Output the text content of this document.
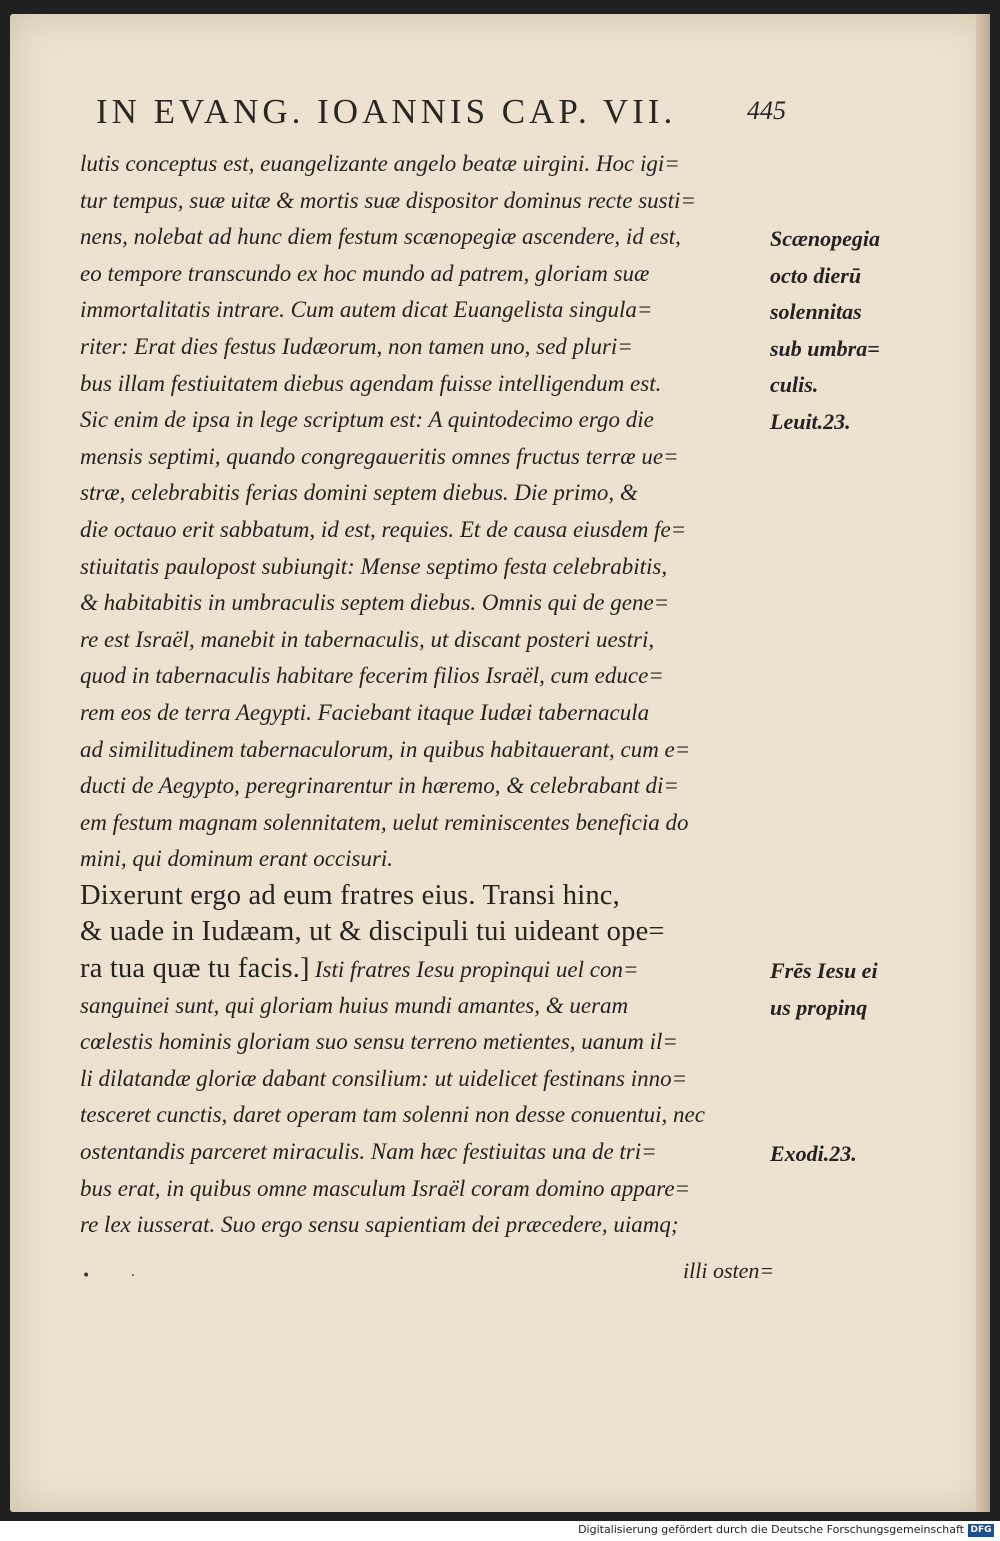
IN EVANG. IOANNIS CAP. VII.	445
lutis conceptus est, euangelizante angelo beatæ uirgini. Hoc igi=
tur tempus, suæ uitæ & mortis suæ dispositor dominus recte susti=
nens, nolebat ad hunc diem festum scænopegiæ ascendere, id est,
eo tempore transcundo ex hoc mundo ad patrem, gloriam suæ
immortalitatis intrare. Cum autem dicat Euangelista singula=
riter: Erat dies festus Iudæorum, non tamen uno, sed pluri=
bus illam festiuitatem diebus agendam fuisse intelligendum est.
Sic enim de ipsa in lege scriptum est: A quintodecimo ergo die
mensis septimi, quando congregaueritis omnes fructus terræ ue=
stræ, celebrabitis ferias domini septem diebus. Die primo, &
die octauo erit sabbatum, id est, requies. Et de causa eiusdem fe=
stiuitatis paulopost subiungit: Mense septimo festa celebrabitis,
& habitabitis in umbraculis septem diebus. Omnis qui de gene=
re est Israël, manebit in tabernaculis, ut discant posteri uestri,
quod in tabernaculis habitare fecerim filios Israël, cum educe=
rem eos de terra Aegypti. Faciebant itaque Iudæi tabernacula
ad similitudinem tabernaculorum, in quibus habitauerant, cum e=
ducti de Aegypto, peregrinarentur in hæremo, & celebrabant di=
em festum magnam solennitatem, uelut reminiscentes beneficia do
mini, qui dominum erant occisuri.
Dixerunt ergo ad eum fratres eius. Transi hinc,
& uade in Iudæam, ut & discipuli tui uideant ope=
ra tua quæ tu facis.] Isti fratres Iesu propinqui uel con=
sanguinei sunt, qui gloriam huius mundi amantes, & ueram
cœlestis hominis gloriam suo sensu terreno metientes, uanum il=
li dilatandæ gloriæ dabant consilium: ut uidelicet festinans inno=
tesceret cunctis, daret operam tam solenni non desse conuentui, nec
ostentandis parceret miraculis. Nam hæc festiuitas una de tri=
bus erat, in quibus omne masculum Israël coram domino appare=
re lex iusserat. Suo ergo sensu sapientiam dei præcedere, uiamq;
illi osten=
• ·
Scænopegia
octo dierū
solennitas
sub umbra=
culis.
Leuit.23.
Frēs Iesu ei
us propinq
Exodi.23.
Digitalisierung gefördert durch die Deutsche Forschungsgemeinschaft DFG
